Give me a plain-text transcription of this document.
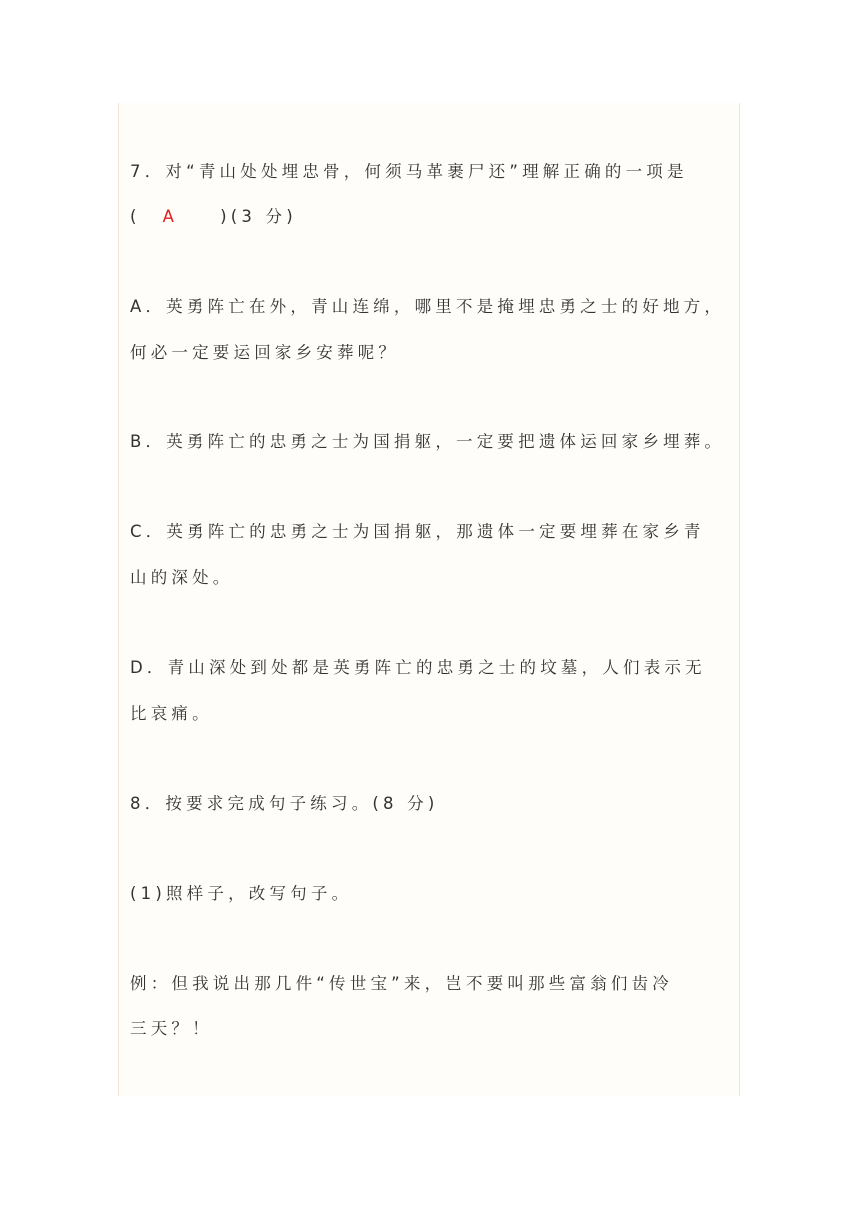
7．对“青山处处埋忠骨，何须马革裹尸还”理解正确的一项是

( A	)(3 分)

A．英勇阵亡在外，青山连绵，哪里不是掩埋忠勇之士的好地方，

何必一定要运回家乡安葬呢？

B．英勇阵亡的忠勇之士为国捐躯，一定要把遗体运回家乡埋葬。

C．英勇阵亡的忠勇之士为国捐躯，那遗体一定要埋葬在家乡青

山的深处。

D．青山深处到处都是英勇阵亡的忠勇之士的坟墓，人们表示无

比哀痛。

8．按要求完成句子练习。(8 分)

(1)照样子，改写句子。

例：但我说出那几件“传世宝”来，岂不要叫那些富翁们齿冷

三天？！
